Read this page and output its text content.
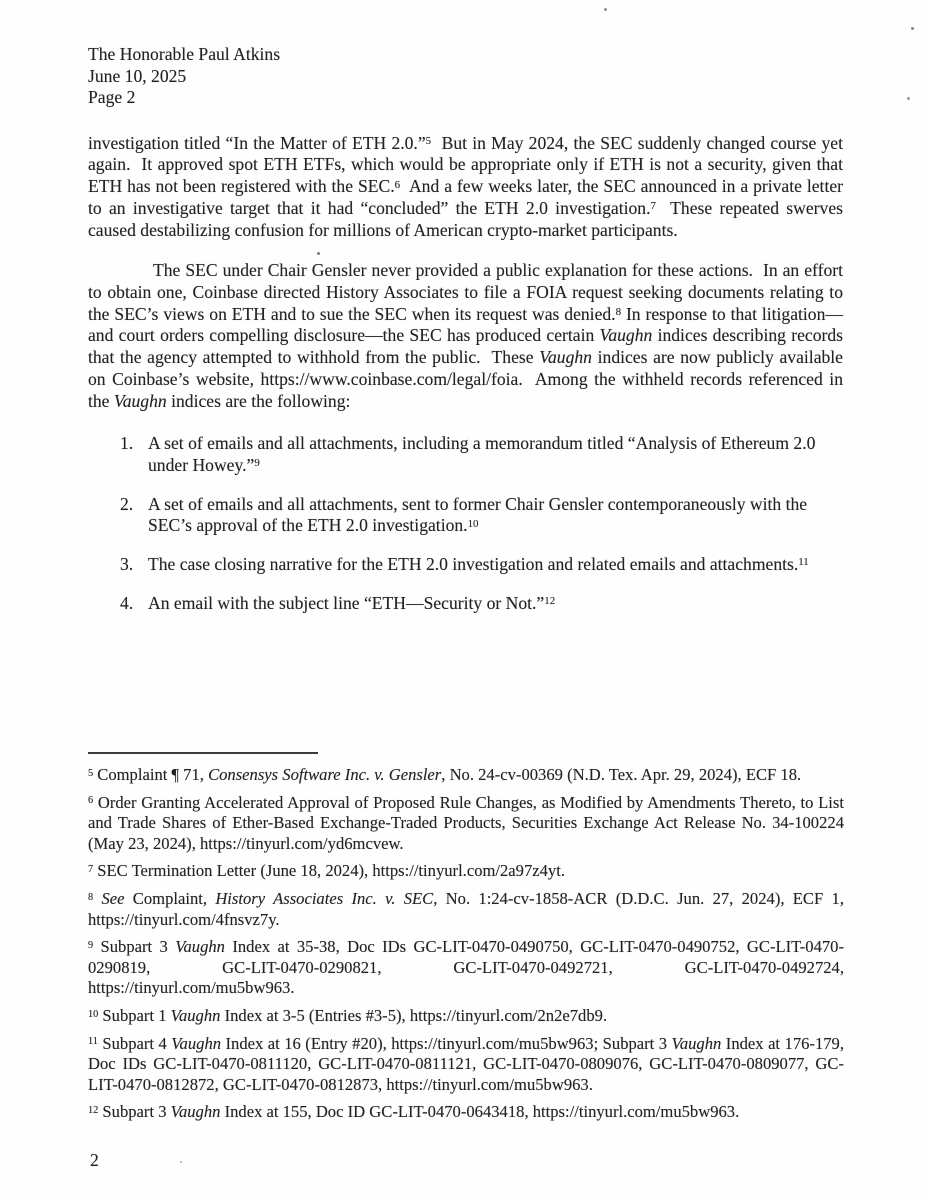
The Honorable Paul Atkins
June 10, 2025
Page 2

investigation titled “In the Matter of ETH 2.0.”$^5$  But in May 2024, the SEC suddenly changed course yet again.  It approved spot ETH ETFs, which would be appropriate only if ETH is not a security, given that ETH has not been registered with the SEC.$^6$  And a few weeks later, the SEC announced in a private letter to an investigative target that it had “concluded” the ETH 2.0 investigation.$^7$  These repeated swerves caused destabilizing confusion for millions of American crypto-market participants.

The SEC under Chair Gensler never provided a public explanation for these actions.  In an effort to obtain one, Coinbase directed History Associates to file a FOIA request seeking documents relating to the SEC’s views on ETH and to sue the SEC when its request was denied.$^8$ In response to that litigation—and court orders compelling disclosure—the SEC has produced certain Vaughn indices describing records that the agency attempted to withhold from the public.  These Vaughn indices are now publicly available on Coinbase’s website, https://www.coinbase.com/legal/foia.  Among the withheld records referenced in the Vaughn indices are the following:

1. A set of emails and all attachments, including a memorandum titled “Analysis of Ethereum 2.0 under Howey.”$^9$
2. A set of emails and all attachments, sent to former Chair Gensler contemporaneously with the SEC’s approval of the ETH 2.0 investigation.$^{10}$
3. The case closing narrative for the ETH 2.0 investigation and related emails and attachments.$^{11}$
4. An email with the subject line “ETH—Security or Not.”$^{12}$
$^5$ Complaint ¶ 71, Consensys Software Inc. v. Gensler, No. 24-cv-00369 (N.D. Tex. Apr. 29, 2024), ECF 18.
$^6$ Order Granting Accelerated Approval of Proposed Rule Changes, as Modified by Amendments Thereto, to List and Trade Shares of Ether-Based Exchange-Traded Products, Securities Exchange Act Release No. 34-100224 (May 23, 2024), https://tinyurl.com/yd6mcvew.
$^7$ SEC Termination Letter (June 18, 2024), https://tinyurl.com/2a97z4yt.
$^8$ See Complaint, History Associates Inc. v. SEC, No. 1:24-cv-1858-ACR (D.D.C. Jun. 27, 2024), ECF 1, https://tinyurl.com/4fnsvz7y.
$^9$ Subpart 3 Vaughn Index at 35-38, Doc IDs GC-LIT-0470-0490750, GC-LIT-0470-0490752, GC-LIT-0470-0290819, GC-LIT-0470-0290821, GC-LIT-0470-0492721, GC-LIT-0470-0492724, https://tinyurl.com/mu5bw963.
$^{10}$ Subpart 1 Vaughn Index at 3-5 (Entries #3-5), https://tinyurl.com/2n2e7db9.
$^{11}$ Subpart 4 Vaughn Index at 16 (Entry #20), https://tinyurl.com/mu5bw963; Subpart 3 Vaughn Index at 176-179, Doc IDs GC-LIT-0470-0811120, GC-LIT-0470-0811121, GC-LIT-0470-0809076, GC-LIT-0470-0809077, GC-LIT-0470-0812872, GC-LIT-0470-0812873, https://tinyurl.com/mu5bw963.
$^{12}$ Subpart 3 Vaughn Index at 155, Doc ID GC-LIT-0470-0643418, https://tinyurl.com/mu5bw963.
2
